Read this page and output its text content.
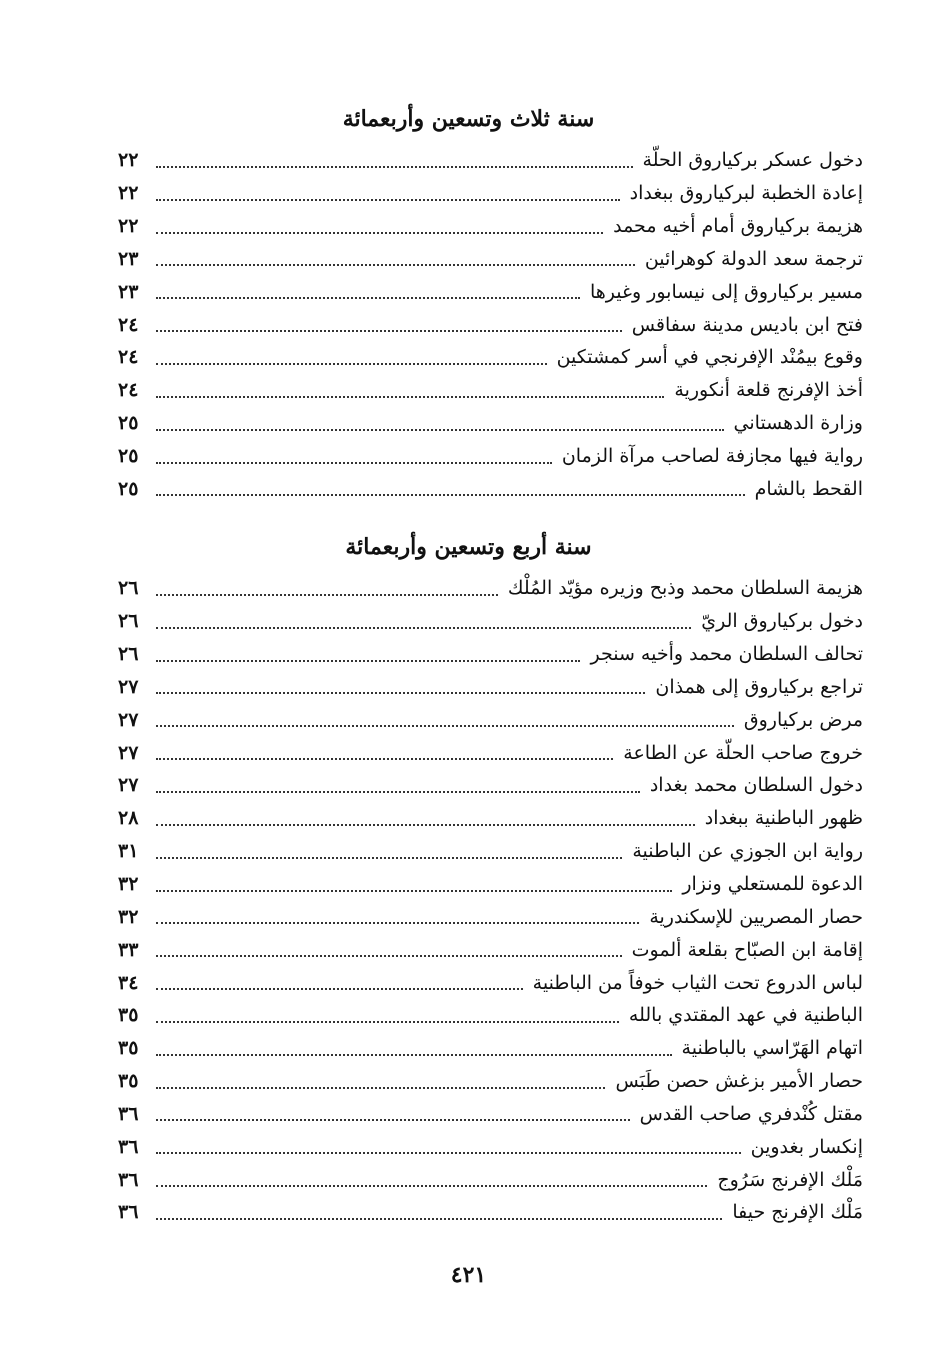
سنة ثلاث وتسعين وأربعمائة
دخول عسكر بركياروق الحلّة
٢٢
إعادة الخطبة لبركياروق ببغداد
٢٢
هزيمة بركياروق أمام أخيه محمد
٢٢
ترجمة سعد الدولة كوهرائين
٢٣
مسير بركياروق إلى نيسابور وغيرها
٢٣
فتح ابن باديس مدينة سفاقس
٢٤
وقوع بيمُنْد الإفرنجي في أسر كمشتكين
٢٤
أخذ الإفرنج قلعة أنكورية
٢٤
وزارة الدهستاني
٢٥
رواية فيها مجازفة لصاحب مرآة الزمان
٢٥
القحط بالشام
٢٥
سنة أربع وتسعين وأربعمائة
هزيمة السلطان محمد وذبح وزيره مؤيّد المُلْك
٢٦
دخول بركياروق الريّ
٢٦
تحالف السلطان محمد وأخيه سنجر
٢٦
تراجع بركياروق إلى همذان
٢٧
مرض بركياروق
٢٧
خروج صاحب الحلّة عن الطاعة
٢٧
دخول السلطان محمد بغداد
٢٧
ظهور الباطنية ببغداد
٢٨
رواية ابن الجوزي عن الباطنية
٣١
الدعوة للمستعلي ونزار
٣٢
حصار المصريين للإسكندرية
٣٢
إقامة ابن الصبّاح بقلعة ألموت
٣٣
لباس الدروع تحت الثياب خوفاً من الباطنية
٣٤
الباطنية في عهد المقتدي بالله
٣٥
اتهام الهَرّاسي بالباطنية
٣٥
حصار الأمير بزغش حصن طَبَس
٣٥
مقتل كُنْدفري صاحب القدس
٣٦
إنكسار بغدوين
٣٦
مَلْك الإفرنج سَرُوج
٣٦
مَلْك الإفرنج حيفا
٣٦
٤٢١
